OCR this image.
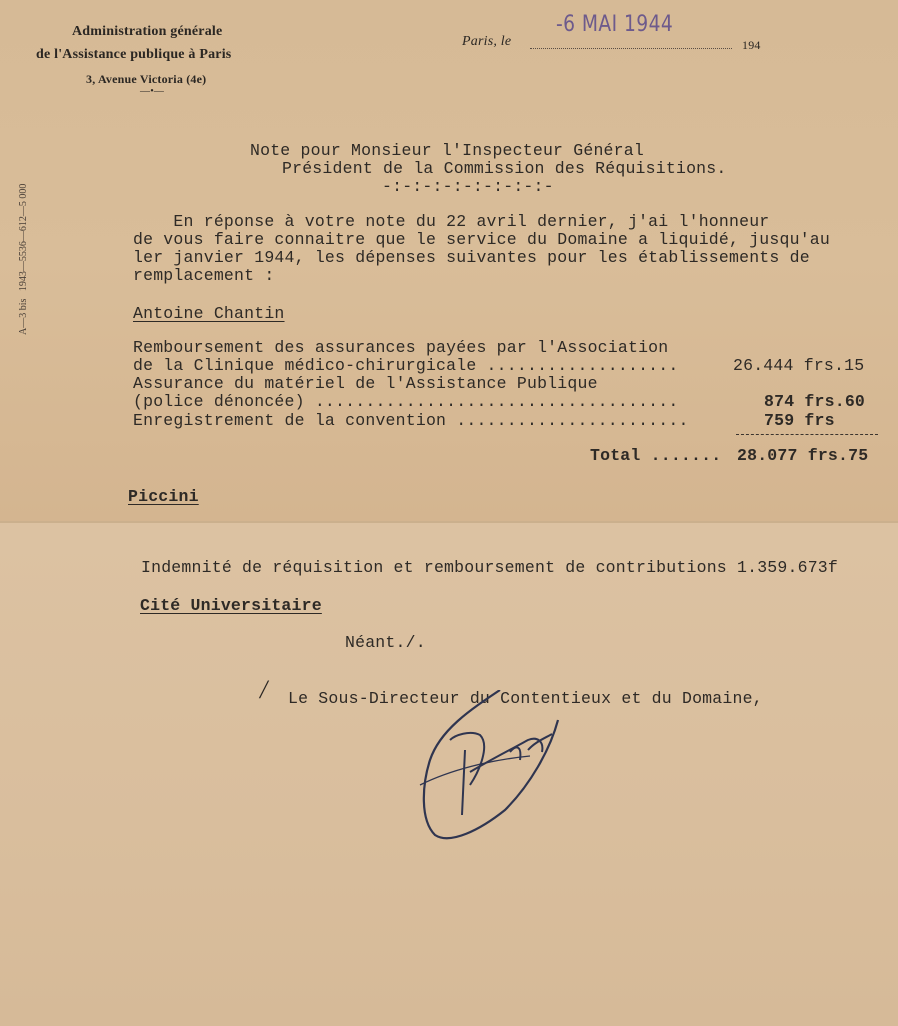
Administration générale
de l'Assistance publique à Paris
3, Avenue Victoria (4e)
—•—
Paris, le	194
-6 MAI 1944
A—3 bis   1943—5536—612—5 000
Note pour Monsieur l'Inspecteur Général
Président de la Commission des Réquisitions.
-:-:-:-:-:-:-:-:-
En réponse à votre note du 22 avril dernier, j'ai l'honneur
de vous faire connaitre que le service du Domaine a liquidé, jusqu'au
ler janvier 1944, les dépenses suivantes pour les établissements de
remplacement :
Antoine Chantin
Remboursement des assurances payées par l'Association
de la Clinique médico-chirurgicale ...................	26.444 frs.15
Assurance du matériel de l'Assistance Publique
(police dénoncée) ....................................	874 frs.60
Enregistrement de la convention .......................	759 frs
Total ....... 28.077 frs.75
Piccini
Indemnité de réquisition et remboursement de contributions 1.359.673f
Cité Universitaire
Néant./.
/ Le Sous-Directeur du Contentieux et du Domaine,
